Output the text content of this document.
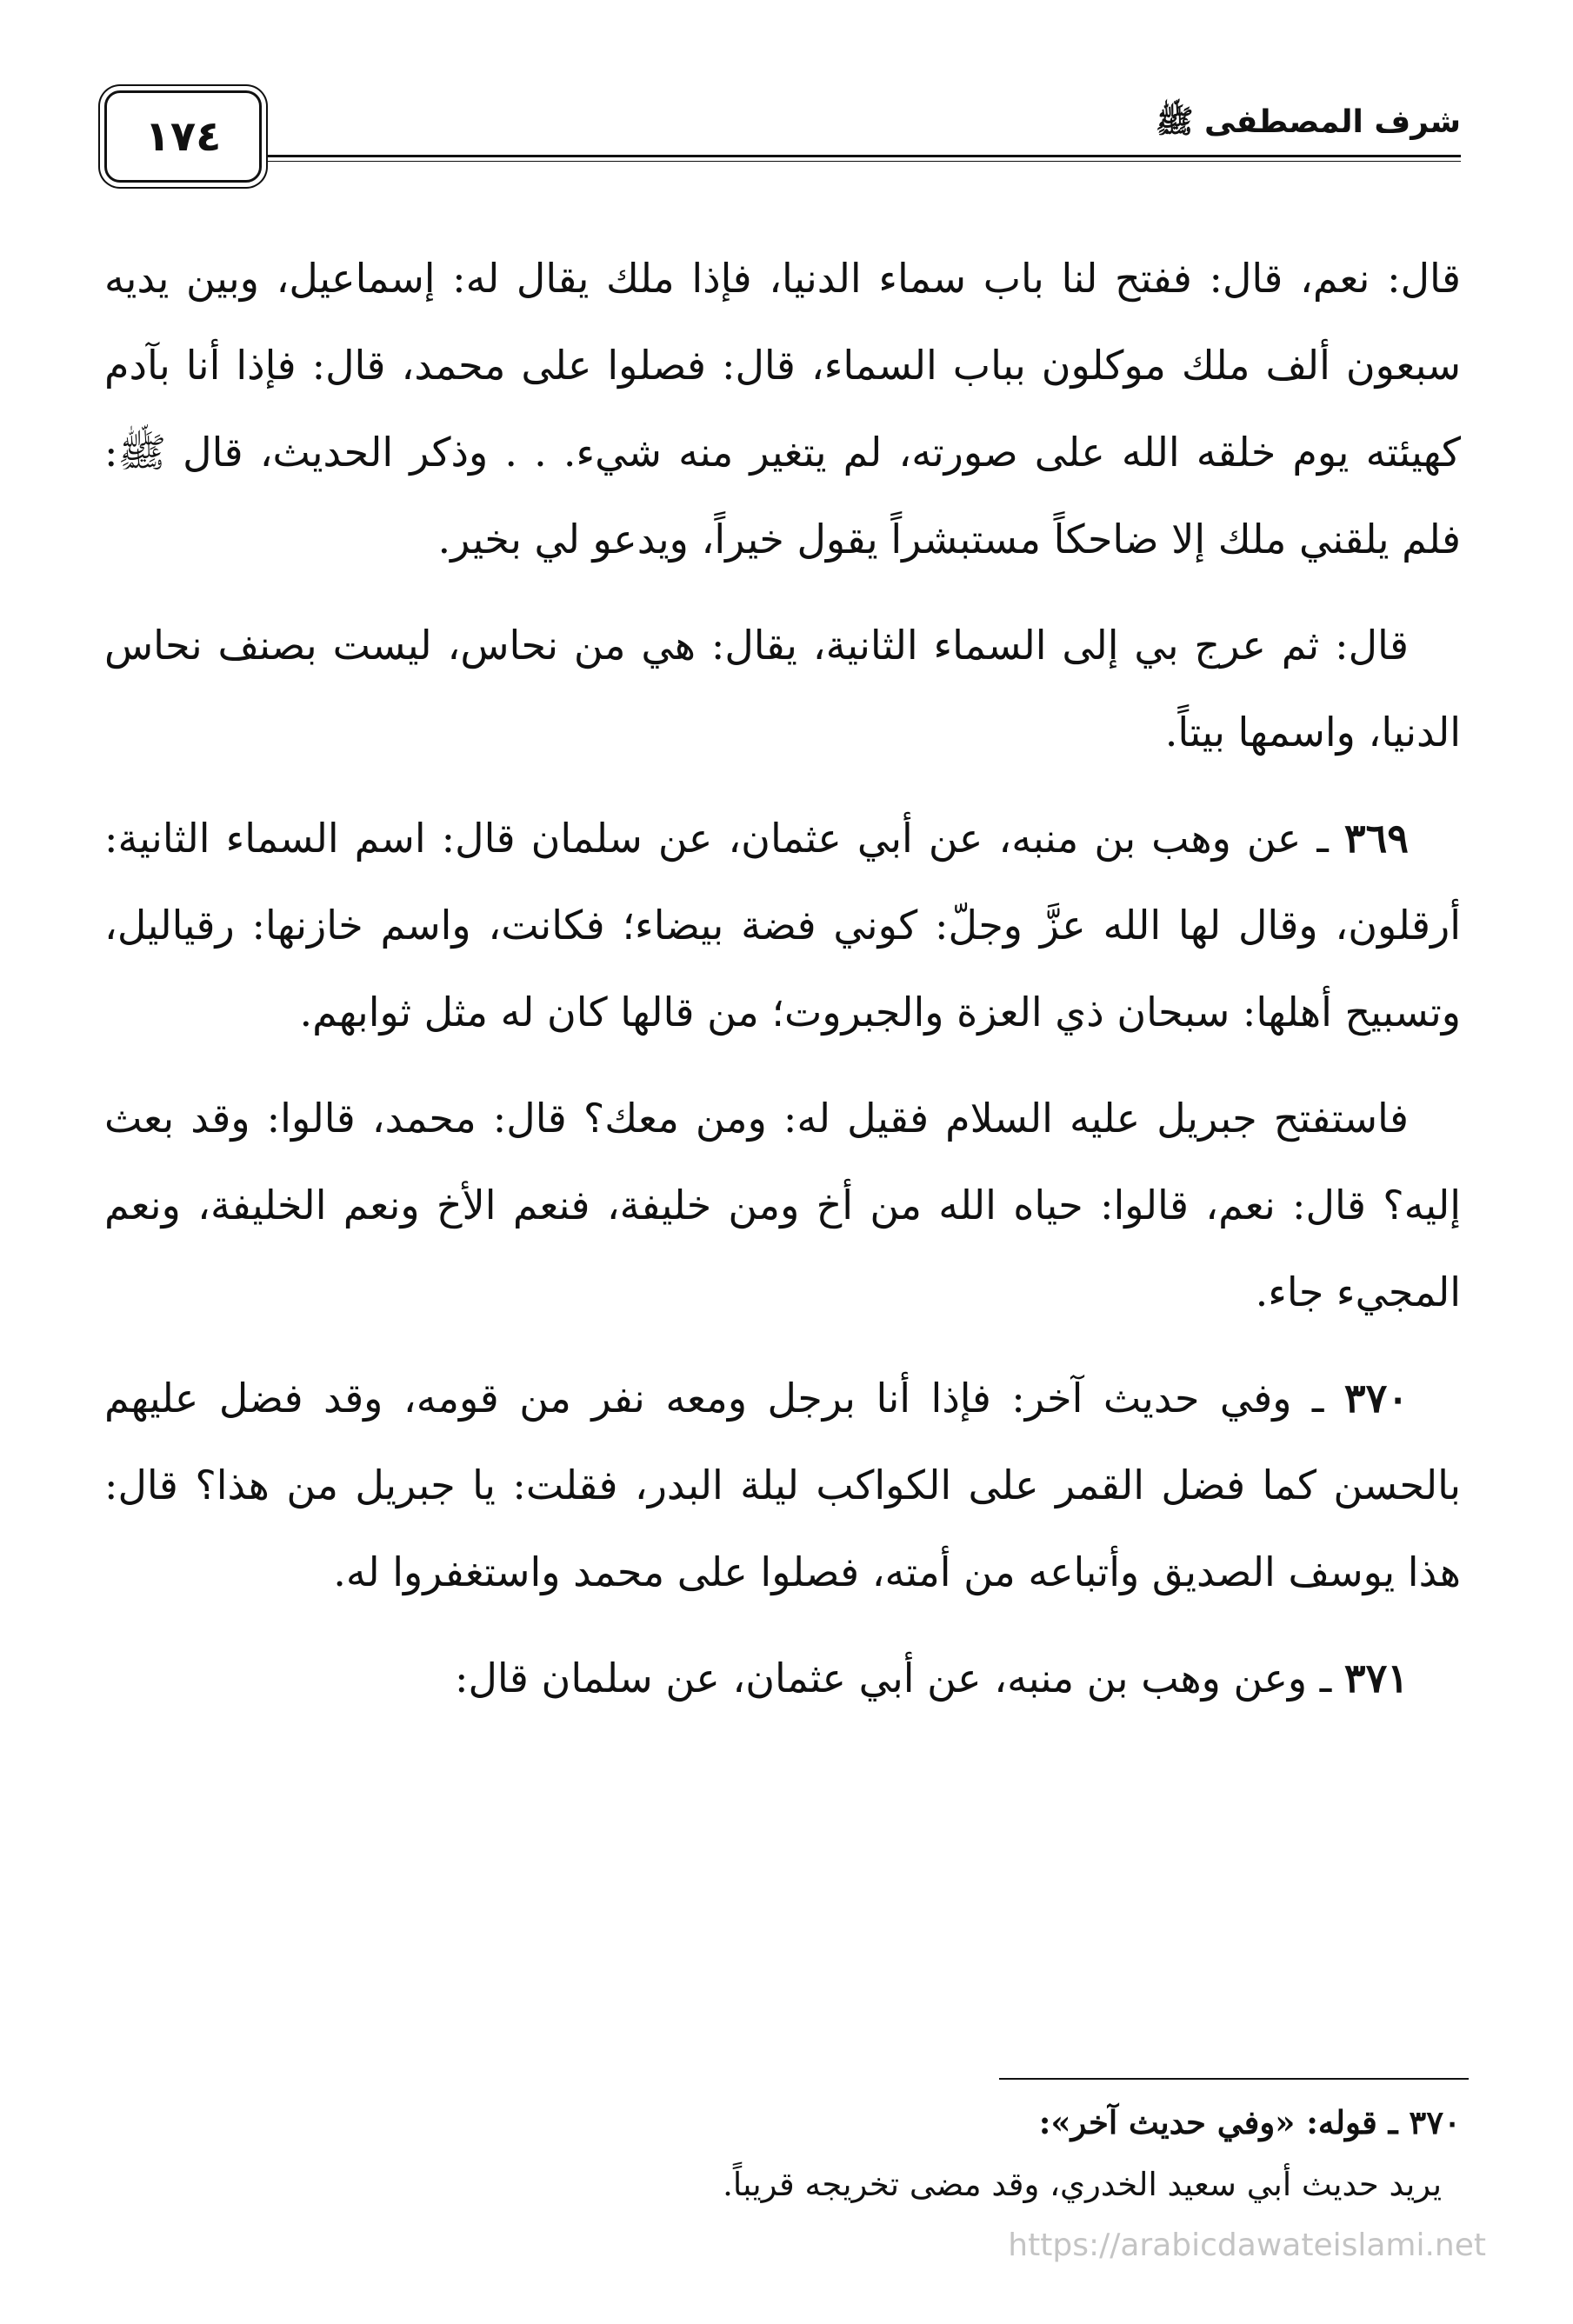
١٧٤	شرف المصطفى ﷺ

قال: نعم، قال: ففتح لنا باب سماء الدنيا، فإذا ملك يقال له: إسماعيل، وبين يديه سبعون ألف ملك موكلون بباب السماء، قال: فصلوا على محمد، قال: فإذا أنا بآدم كهيئته يوم خلقه الله على صورته، لم يتغير منه شيء. . . وذكر الحديث، قال ﷺ: فلم يلقني ملك إلا ضاحكاً مستبشراً يقول خيراً، ويدعو لي بخير.

قال: ثم عرج بي إلى السماء الثانية، يقال: هي من نحاس، ليست بصنف نحاس الدنيا، واسمها بيتاً.

٣٦٩ ـ عن وهب بن منبه، عن أبي عثمان، عن سلمان قال: اسم السماء الثانية: أرقلون، وقال لها الله عزَّ وجلّ: كوني فضة بيضاء؛ فكانت، واسم خازنها: رقياليل، وتسبيح أهلها: سبحان ذي العزة والجبروت؛ من قالها كان له مثل ثوابهم.

فاستفتح جبريل عليه السلام فقيل له: ومن معك؟ قال: محمد، قالوا: وقد بعث إليه؟ قال: نعم، قالوا: حياه الله من أخ ومن خليفة، فنعم الأخ ونعم الخليفة، ونعم المجيء جاء.

٣٧٠ ـ وفي حديث آخر: فإذا أنا برجل ومعه نفر من قومه، وقد فضل عليهم بالحسن كما فضل القمر على الكواكب ليلة البدر، فقلت: يا جبريل من هذا؟ قال: هذا يوسف الصديق وأتباعه من أمته، فصلوا على محمد واستغفروا له.

٣٧١ ـ وعن وهب بن منبه، عن أبي عثمان، عن سلمان قال:

٣٧٠ ـ قوله: «وفي حديث آخر»:

يريد حديث أبي سعيد الخدري، وقد مضى تخريجه قريباً.

https://arabicdawateislami.net
